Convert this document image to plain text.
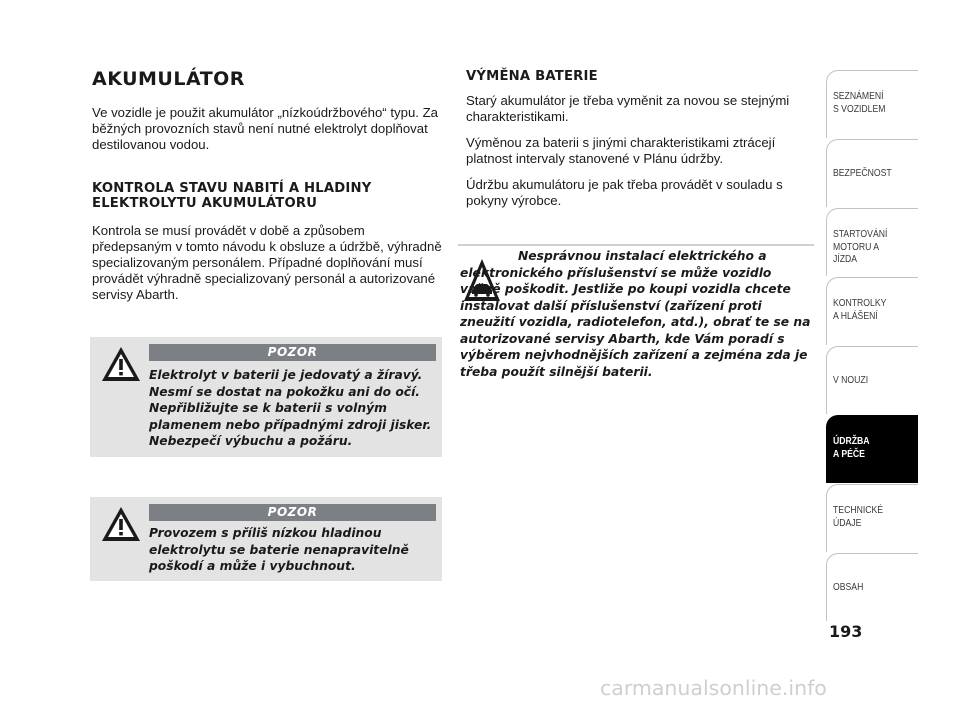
AKUMULÁTOR

Ve vozidle je použit akumulátor „nízkoúdržbového“ typu. Za běžných provozních stavů není nutné elektrolyt doplňovat destilovanou vodou.

KONTROLA STAVU NABITÍ A HLADINY ELEKTROLYTU AKUMULÁTORU

Kontrola se musí provádět v době a způsobem předepsaným v tomto návodu k obsluze a údržbě, výhradně specializovaným personálem. Případné doplňování musí provádět výhradně specializovaný personál a autorizované servisy Abarth.

POZOR

Elektrolyt v baterii je jedovatý a žíravý. Nesmí se dostat na pokožku ani do očí. Nepřibližujte se k baterii s volným plamenem nebo případnými zdroji jisker. Nebezpečí výbuchu a požáru.

POZOR

Provozem s příliš nízkou hladinou elektrolytu se baterie nenapravitelně poškodí a může i vybuchnout.

VÝMĚNA BATERIE

Starý akumulátor je třeba vyměnit za novou se stejnými charakteristikami.

Výměnou za baterii s jinými charakteristikami ztrácejí platnost intervaly stanovené v Plánu údržby.

Údržbu akumulátoru je pak třeba provádět v souladu s pokyny výrobce.

Nesprávnou instalací elektrického a elektronického příslušenství se může vozidlo vážně poškodit. Jestliže po koupi vozidla chcete instalovat další příslušenství (zařízení proti zneužití vozidla, radiotelefon, atd.), obrať te se na autorizované servisy Abarth, kde Vám poradí s výběrem nejvhodnějších zařízení a zejména zda je třeba použít silnější baterii.

SEZNÁMENÍ
S VOZIDLEM

BEZPEČNOST

STARTOVÁNÍ
MOTORU A JÍZDA

KONTROLKY
A HLÁŠENÍ

V NOUZI

ÚDRŽBA
A PÉČE

TECHNICKÉ
ÚDAJE

OBSAH

193

carmanualsonline.info
